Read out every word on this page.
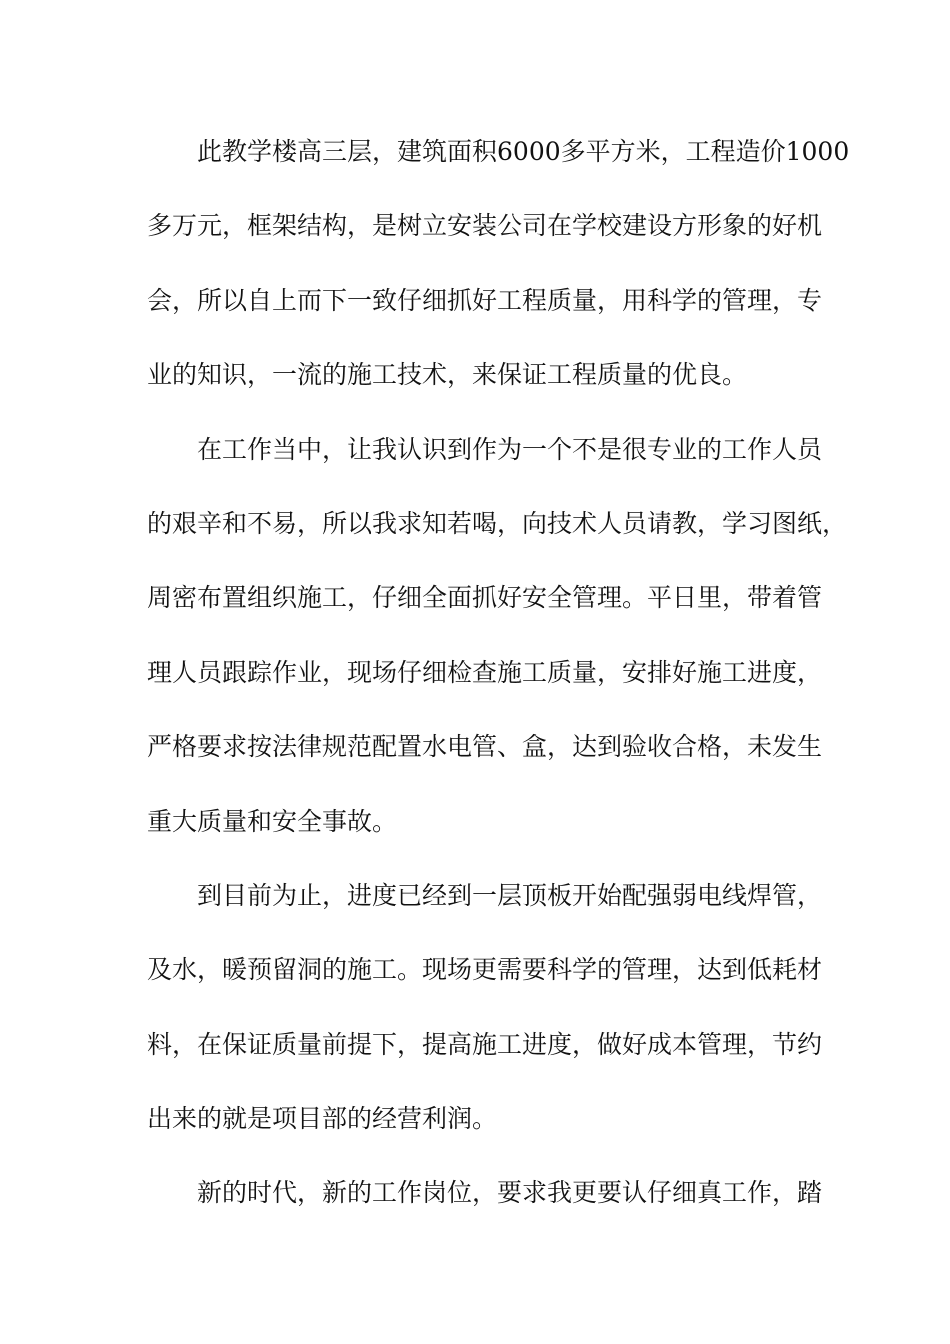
此教学楼高三层，建筑面积6000多平方米，工程造价1000
多万元，框架结构，是树立安装公司在学校建设方形象的好机
会，所以自上而下一致仔细抓好工程质量，用科学的管理，专
业的知识，一流的施工技术，来保证工程质量的优良。
在工作当中，让我认识到作为一个不是很专业的工作人员
的艰辛和不易，所以我求知若喝，向技术人员请教，学习图纸，
周密布置组织施工，仔细全面抓好安全管理。平日里，带着管
理人员跟踪作业，现场仔细检查施工质量，安排好施工进度，
严格要求按法律规范配置水电管、盒，达到验收合格，未发生
重大质量和安全事故。
到目前为止，进度已经到一层顶板开始配强弱电线焊管，
及水，暖预留洞的施工。现场更需要科学的管理，达到低耗材
料，在保证质量前提下，提高施工进度，做好成本管理，节约
出来的就是项目部的经营利润。
新的时代，新的工作岗位，要求我更要认仔细真工作，踏
